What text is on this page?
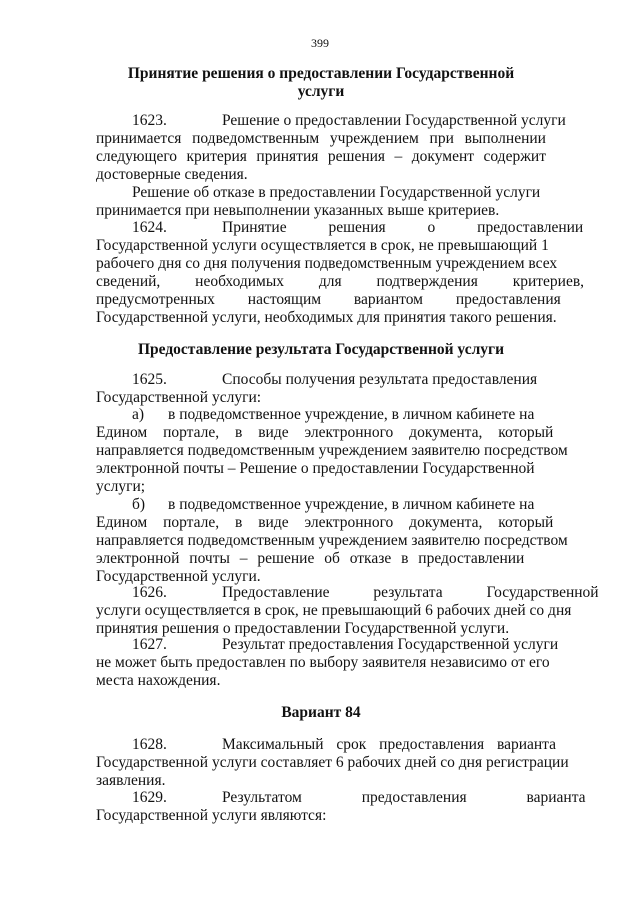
399
Принятие решения о предоставлении Государственной
услуги
1623.	Решение о предоставлении Государственной услуги
принимается подведомственным учреждением при выполнении
следующего критерия принятия решения – документ содержит
достоверные сведения.
Решение об отказе в предоставлении Государственной услуги
принимается при невыполнении указанных выше критериев.
1624.	Принятие решения о предоставлении
Государственной услуги осуществляется в срок, не превышающий 1
рабочего дня со дня получения подведомственным учреждением всех
сведений, необходимых для подтверждения критериев,
предусмотренных настоящим вариантом предоставления
Государственной услуги, необходимых для принятия такого решения.
Предоставление результата Государственной услуги
1625.	Способы получения результата предоставления
Государственной услуги:
а) в подведомственное учреждение, в личном кабинете на
Едином портале, в виде электронного документа, который
направляется подведомственным учреждением заявителю посредством
электронной почты – Решение о предоставлении Государственной
услуги;
б) в подведомственное учреждение, в личном кабинете на
Едином портале, в виде электронного документа, который
направляется подведомственным учреждением заявителю посредством
электронной почты – решение об отказе в предоставлении
Государственной услуги.
1626.	Предоставление результата Государственной
услуги осуществляется в срок, не превышающий 6 рабочих дней со дня
принятия решения о предоставлении Государственной услуги.
1627.	Результат предоставления Государственной услуги
не может быть предоставлен по выбору заявителя независимо от его
места нахождения.
Вариант 84
1628.	Максимальный срок предоставления варианта
Государственной услуги составляет 6 рабочих дней со дня регистрации
заявления.
1629.	Результатом предоставления варианта
Государственной услуги являются:
